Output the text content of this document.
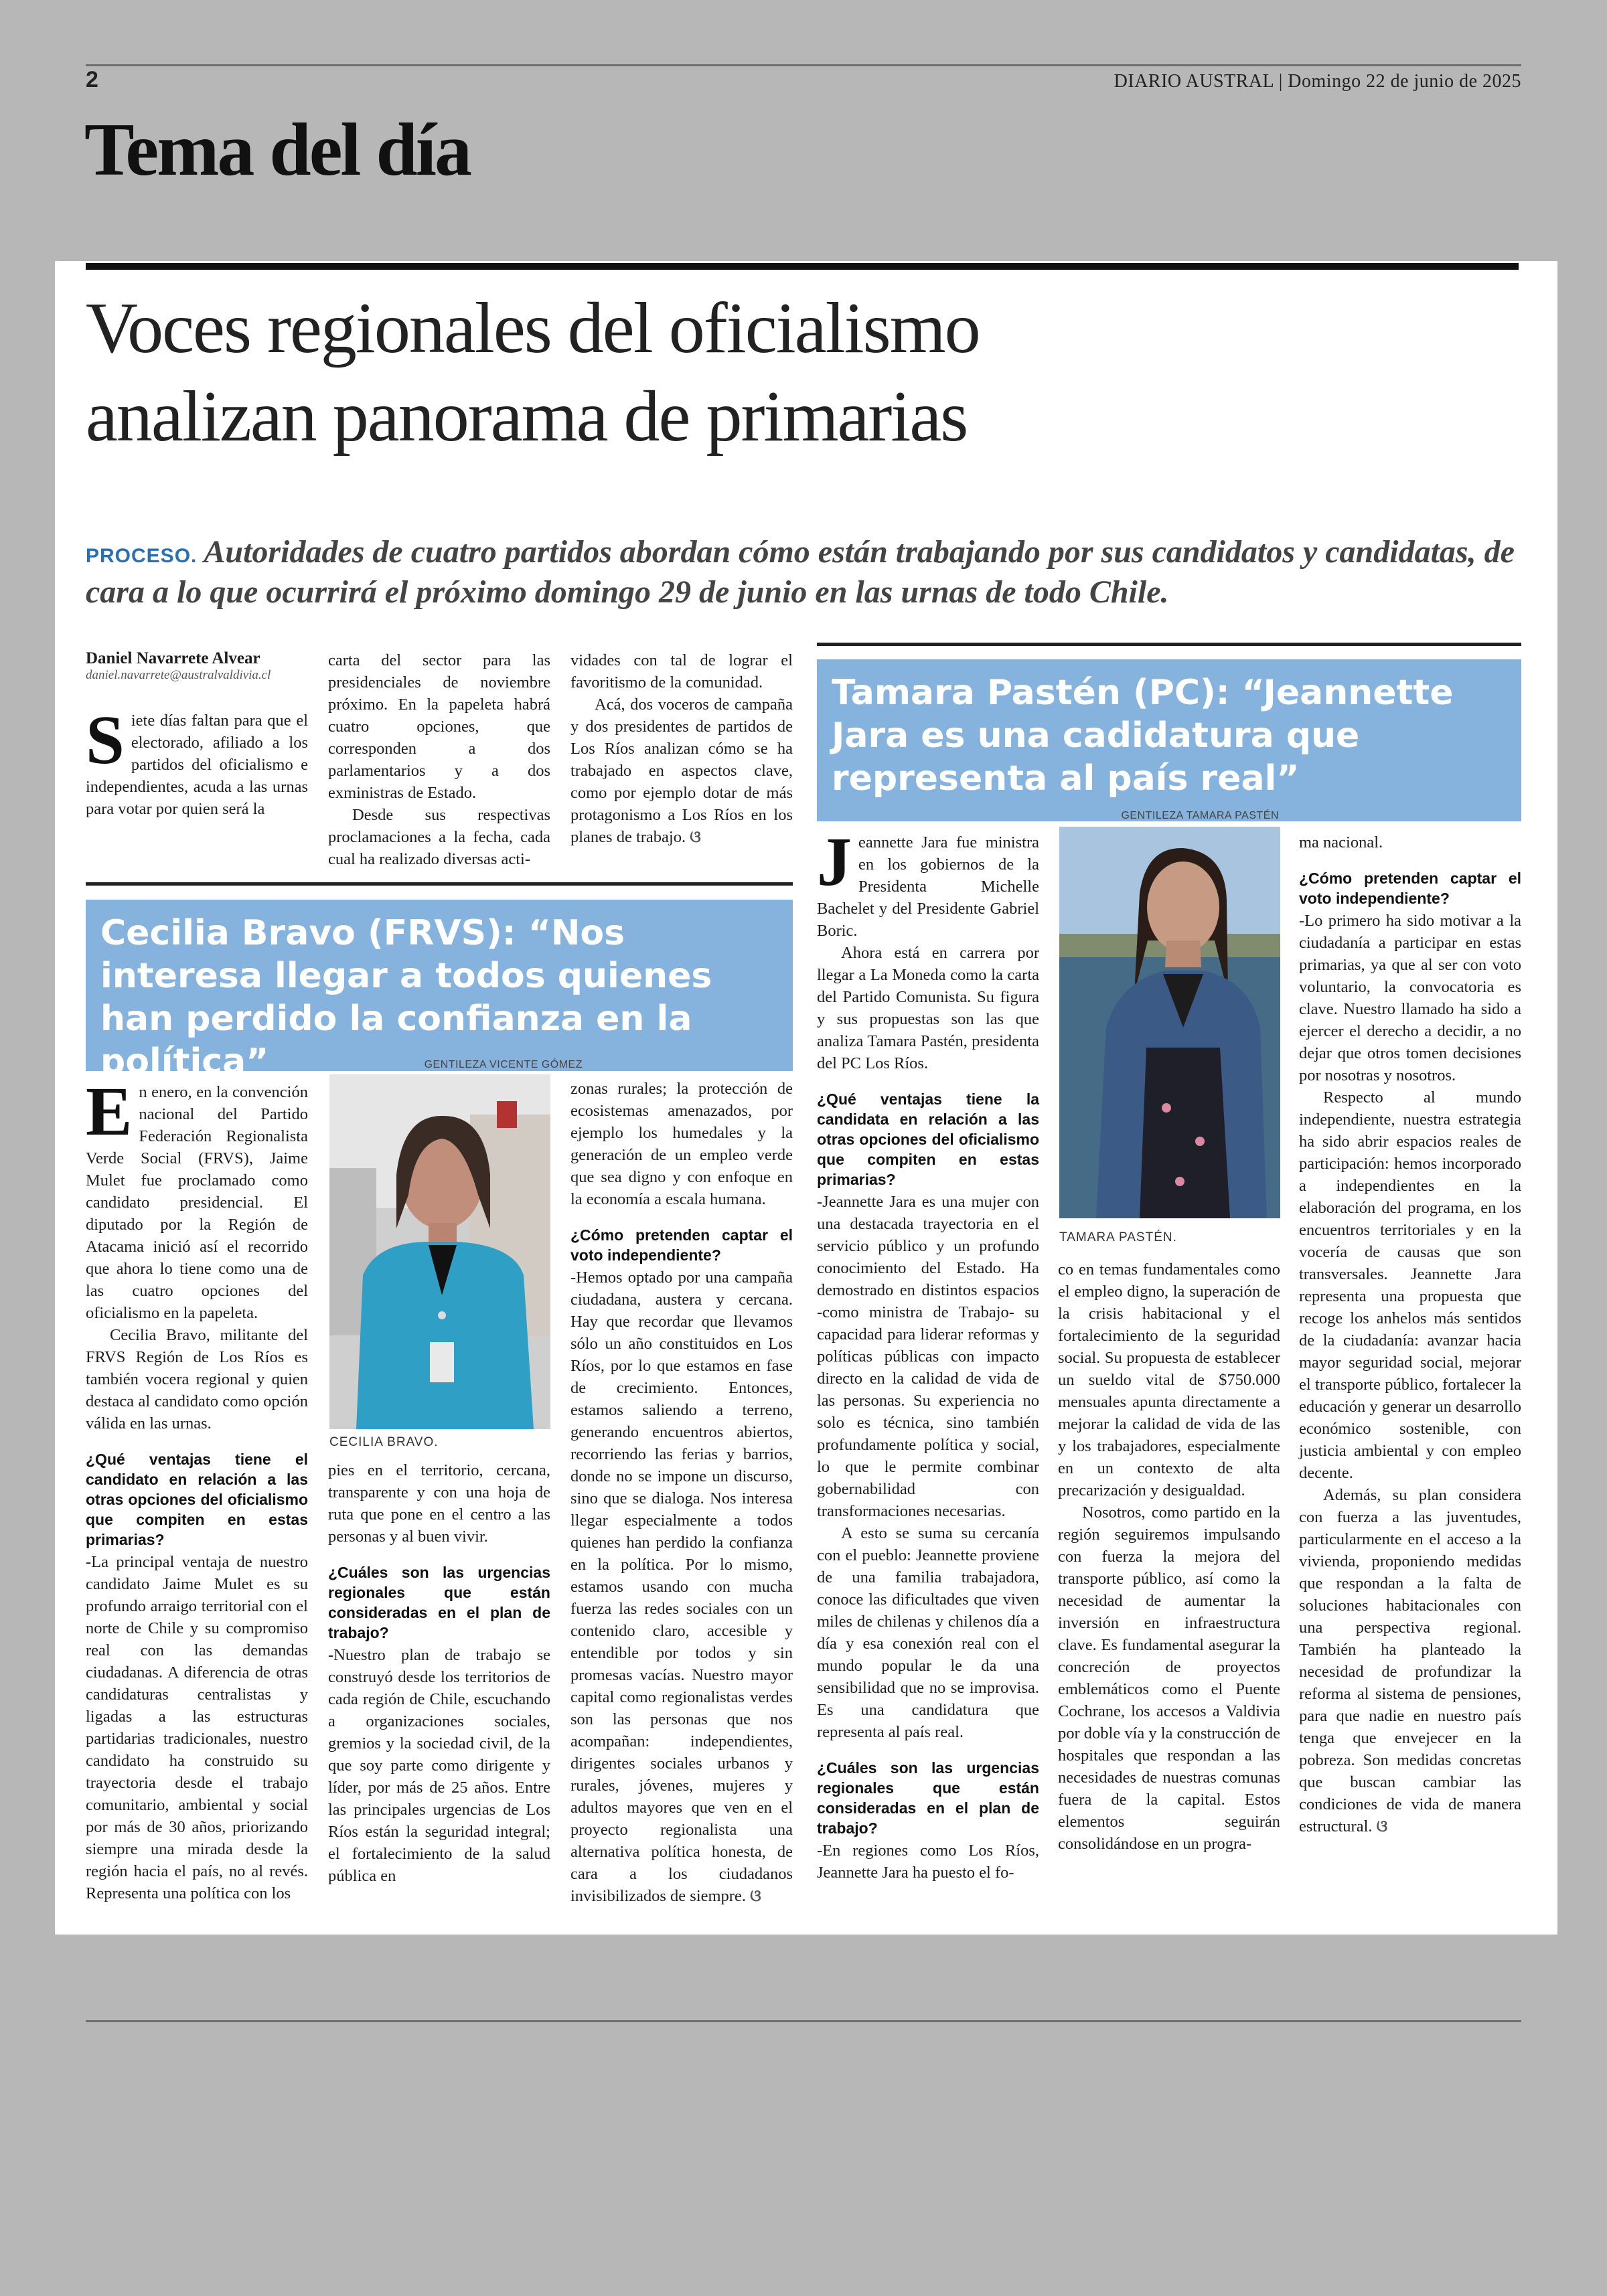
2	DIARIO AUSTRAL | Domingo 22 de junio de 2025
Tema del día
Voces regionales del oficialismo
analizan panorama de primarias
PROCESO. Autoridades de cuatro partidos abordan cómo están trabajando por sus candidatos y candidatas, de cara a lo que ocurrirá el próximo domingo 29 de junio en las urnas de todo Chile.
Daniel Navarrete Alvear
daniel.navarrete@australvaldivia.cl

Siete días faltan para que el electorado, afiliado a los partidos del oficialismo e independientes, acuda a las urnas para votar por quien será la

carta del sector para las presidenciales de noviembre próximo. En la papeleta habrá cuatro opciones, que corresponden a dos parlamentarios y a dos exministras de Estado.

Desde sus respectivas proclamaciones a la fecha, cada cual ha realizado diversas acti-

vidades con tal de lograr el favoritismo de la comunidad.

Acá, dos voceros de campaña y dos presidentes de partidos de Los Ríos analizan cómo se ha trabajado en aspectos clave, como por ejemplo dotar de más protagonismo a Los Ríos en los planes de trabajo. ଓ

Cecilia Bravo (FRVS): “Nos interesa llegar a todos quienes han perdido la confianza en la política”	GENTILEZA VICENTE GÓMEZ
CECILIA BRAVO.

En enero, en la convención nacional del Partido Federación Regionalista Verde Social (FRVS), Jaime Mulet fue proclamado como candidato presidencial. El diputado por la Región de Atacama inició así el recorrido que ahora lo tiene como una de las cuatro opciones del oficialismo en la papeleta.

Cecilia Bravo, militante del FRVS Región de Los Ríos es también vocera regional y quien destaca al candidato como opción válida en las urnas.

¿Qué ventajas tiene el candidato en relación a las otras opciones del oficialismo que compiten en estas primarias?

-La principal ventaja de nuestro candidato Jaime Mulet es su profundo arraigo territorial con el norte de Chile y su compromiso real con las demandas ciudadanas. A diferencia de otras candidaturas centralistas y ligadas a las estructuras partidarias tradicionales, nuestro candidato ha construido su trayectoria desde el trabajo comunitario, ambiental y social por más de 30 años, priorizando siempre una mirada desde la región hacia el país, no al revés. Representa una política con los

pies en el territorio, cercana, transparente y con una hoja de ruta que pone en el centro a las personas y al buen vivir.

¿Cuáles son las urgencias regionales que están consideradas en el plan de trabajo?

-Nuestro plan de trabajo se construyó desde los territorios de cada región de Chile, escuchando a organizaciones sociales, gremios y la sociedad civil, de la que soy parte como dirigente y líder, por más de 25 años. Entre las principales urgencias de Los Ríos están la seguridad integral; el fortalecimiento de la salud pública en

zonas rurales; la protección de ecosistemas amenazados, por ejemplo los humedales y la generación de un empleo verde que sea digno y con enfoque en la economía a escala humana.

¿Cómo pretenden captar el voto independiente?

-Hemos optado por una campaña ciudadana, austera y cercana. Hay que recordar que llevamos sólo un año constituidos en Los Ríos, por lo que estamos en fase de crecimiento. Entonces, estamos saliendo a terreno, generando encuentros abiertos, recorriendo las ferias y barrios, donde no se impone un discurso, sino que se dialoga. Nos interesa llegar especialmente a todos quienes han perdido la confianza en la política. Por lo mismo, estamos usando con mucha fuerza las redes sociales con un contenido claro, accesible y entendible por todos y sin promesas vacías. Nuestro mayor capital como regionalistas verdes son las personas que nos acompañan: independientes, dirigentes sociales urbanos y rurales, jóvenes, mujeres y adultos mayores que ven en el proyecto regionalista una alternativa política honesta, de cara a los ciudadanos invisibilizados de siempre. ଓ

Tamara Pastén (PC): “Jeannette Jara es una cadidatura que representa al país real”
GENTILEZA TAMARA PASTÉN
TAMARA PASTÉN.

Jeannette Jara fue ministra en los gobiernos de la Presidenta Michelle Bachelet y del Presidente Gabriel Boric.

Ahora está en carrera por llegar a La Moneda como la carta del Partido Comunista. Su figura y sus propuestas son las que analiza Tamara Pastén, presidenta del PC Los Ríos.

¿Qué ventajas tiene la candidata en relación a las otras opciones del oficialismo que compiten en estas primarias?

-Jeannette Jara es una mujer con una destacada trayectoria en el servicio público y un profundo conocimiento del Estado. Ha demostrado en distintos espacios -como ministra de Trabajo- su capacidad para liderar reformas y políticas públicas con impacto directo en la calidad de vida de las personas. Su experiencia no solo es técnica, sino también profundamente política y social, lo que le permite combinar gobernabilidad con transformaciones necesarias.

A esto se suma su cercanía con el pueblo: Jeannette proviene de una familia trabajadora, conoce las dificultades que viven miles de chilenas y chilenos día a día y esa conexión real con el mundo popular le da una sensibilidad que no se improvisa. Es una candidatura que representa al país real.

¿Cuáles son las urgencias regionales que están consideradas en el plan de trabajo?

-En regiones como Los Ríos, Jeannette Jara ha puesto el fo-

co en temas fundamentales como el empleo digno, la superación de la crisis habitacional y el fortalecimiento de la seguridad social. Su propuesta de establecer un sueldo vital de $750.000 mensuales apunta directamente a mejorar la calidad de vida de las y los trabajadores, especialmente en un contexto de alta precarización y desigualdad.

Nosotros, como partido en la región seguiremos impulsando con fuerza la mejora del transporte público, así como la necesidad de aumentar la inversión en infraestructura clave. Es fundamental asegurar la concreción de proyectos emblemáticos como el Puente Cochrane, los accesos a Valdivia por doble vía y la construcción de hospitales que respondan a las necesidades de nuestras comunas fuera de la capital. Estos elementos seguirán consolidándose en un progra-

ma nacional.

¿Cómo pretenden captar el voto independiente?

-Lo primero ha sido motivar a la ciudadanía a participar en estas primarias, ya que al ser con voto voluntario, la convocatoria es clave. Nuestro llamado ha sido a ejercer el derecho a decidir, a no dejar que otros tomen decisiones por nosotras y nosotros.

Respecto al mundo independiente, nuestra estrategia ha sido abrir espacios reales de participación: hemos incorporado a independientes en la elaboración del programa, en los encuentros territoriales y en la vocería de causas que son transversales. Jeannette Jara representa una propuesta que recoge los anhelos más sentidos de la ciudadanía: avanzar hacia mayor seguridad social, mejorar el transporte público, fortalecer la educación y generar un desarrollo económico sostenible, con justicia ambiental y con empleo decente.

Además, su plan considera con fuerza a las juventudes, particularmente en el acceso a la vivienda, proponiendo medidas que respondan a la falta de soluciones habitacionales con una perspectiva regional. También ha planteado la necesidad de profundizar la reforma al sistema de pensiones, para que nadie en nuestro país tenga que envejecer en la pobreza. Son medidas concretas que buscan cambiar las condiciones de vida de manera estructural. ଓ
